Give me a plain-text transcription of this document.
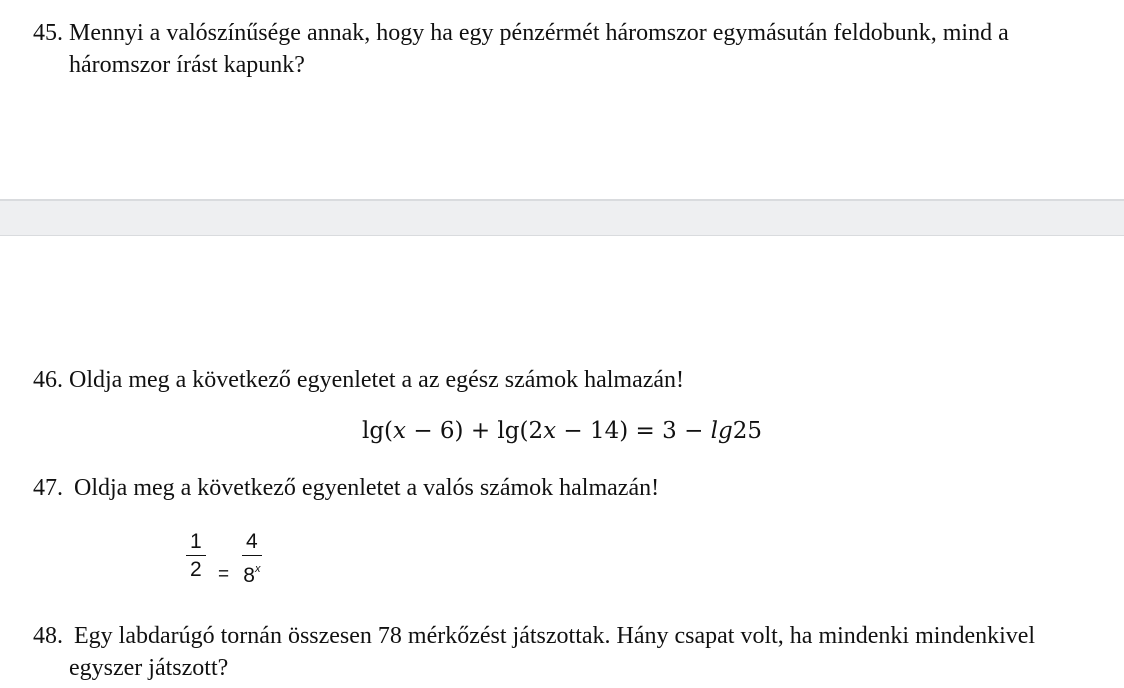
45. Mennyi a valószínűsége annak, hogy ha egy pénzérmét háromszor egymásután feldobunk, mind a
háromszor írást kapunk?
46. Oldja meg a következő egyenletet a az egész számok halmazán!
lg(x − 6) + lg(2x − 14) = 3 − lg25
47. Oldja meg a következő egyenletet a valós számok halmazán!
$\frac{1}{2} = \frac{4}{8^x}$
48. Egy labdarúgó tornán összesen 78 mérkőzést játszottak. Hány csapat volt, ha mindenki mindenkivel
egyszer játszott?
